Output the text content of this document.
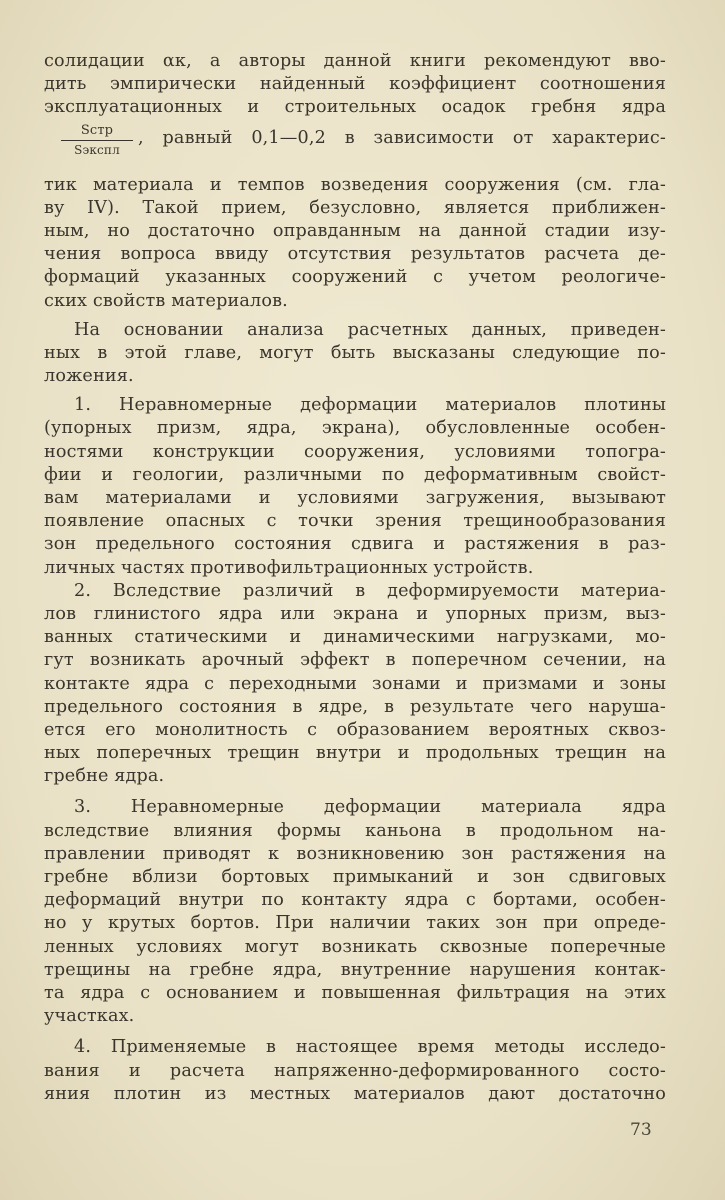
солидации αк, а авторы данной книги рекомендуют вво-
дить эмпирически найденный коэффициент соотношения
эксплуатационных и строительных осадок гребня ядра
$\frac{\text{Sстр}}{\text{Sэкспл}}$ , равный 0,1—0,2 в зависимости от характерис-
тик материала и темпов возведения сооружения (см. гла-
ву IV). Такой прием, безусловно, является приближен-
ным, но достаточно оправданным на данной стадии изу-
чения вопроса ввиду отсутствия результатов расчета де-
формаций указанных сооружений с учетом реологиче-
ских свойств материалов.
На основании анализа расчетных данных, приведен-
ных в этой главе, могут быть высказаны следующие по-
ложения.
1. Неравномерные деформации материалов плотины
(упорных призм, ядра, экрана), обусловленные особен-
ностями конструкции сооружения, условиями топогра-
фии и геологии, различными по деформативным свойст-
вам материалами и условиями загружения, вызывают
появление опасных с точки зрения трещинообразования
зон предельного состояния сдвига и растяжения в раз-
личных частях противофильтрационных устройств.
2. Вследствие различий в деформируемости материа-
лов глинистого ядра или экрана и упорных призм, выз-
ванных статическими и динамическими нагрузками, мо-
гут возникать арочный эффект в поперечном сечении, на
контакте ядра с переходными зонами и призмами и зоны
предельного состояния в ядре, в результате чего наруша-
ется его монолитность с образованием вероятных сквоз-
ных поперечных трещин внутри и продольных трещин на
гребне ядра.
3. Неравномерные деформации материала ядра
вследствие влияния формы каньона в продольном на-
правлении приводят к возникновению зон растяжения на
гребне вблизи бортовых примыканий и зон сдвиговых
деформаций внутри по контакту ядра с бортами, особен-
но у крутых бортов. При наличии таких зон при опреде-
ленных условиях могут возникать сквозные поперечные
трещины на гребне ядра, внутренние нарушения контак-
та ядра с основанием и повышенная фильтрация на этих
участках.
4. Применяемые в настоящее время методы исследо-
вания и расчета напряженно-деформированного состо-
яния плотин из местных материалов дают достаточно
73
